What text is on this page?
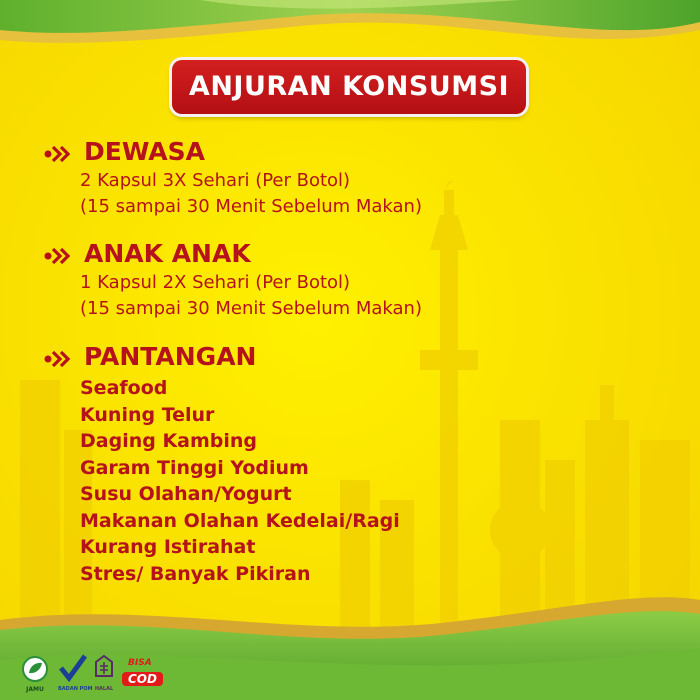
ANJURAN KONSUMSI
DEWASA
2 Kapsul 3X Sehari (Per Botol)
(15 sampai 30 Menit Sebelum Makan)
ANAK ANAK
1 Kapsul 2X Sehari (Per Botol)
(15 sampai 30 Menit Sebelum Makan)
PANTANGAN
Seafood
Kuning Telur
Daging Kambing
Garam Tinggi Yodium
Susu Olahan/Yogurt
Makanan Olahan Kedelai/Ragi
Kurang Istirahat
Stres/ Banyak Pikiran
JAMU	BADAN POM HALAL
BISA
COD
